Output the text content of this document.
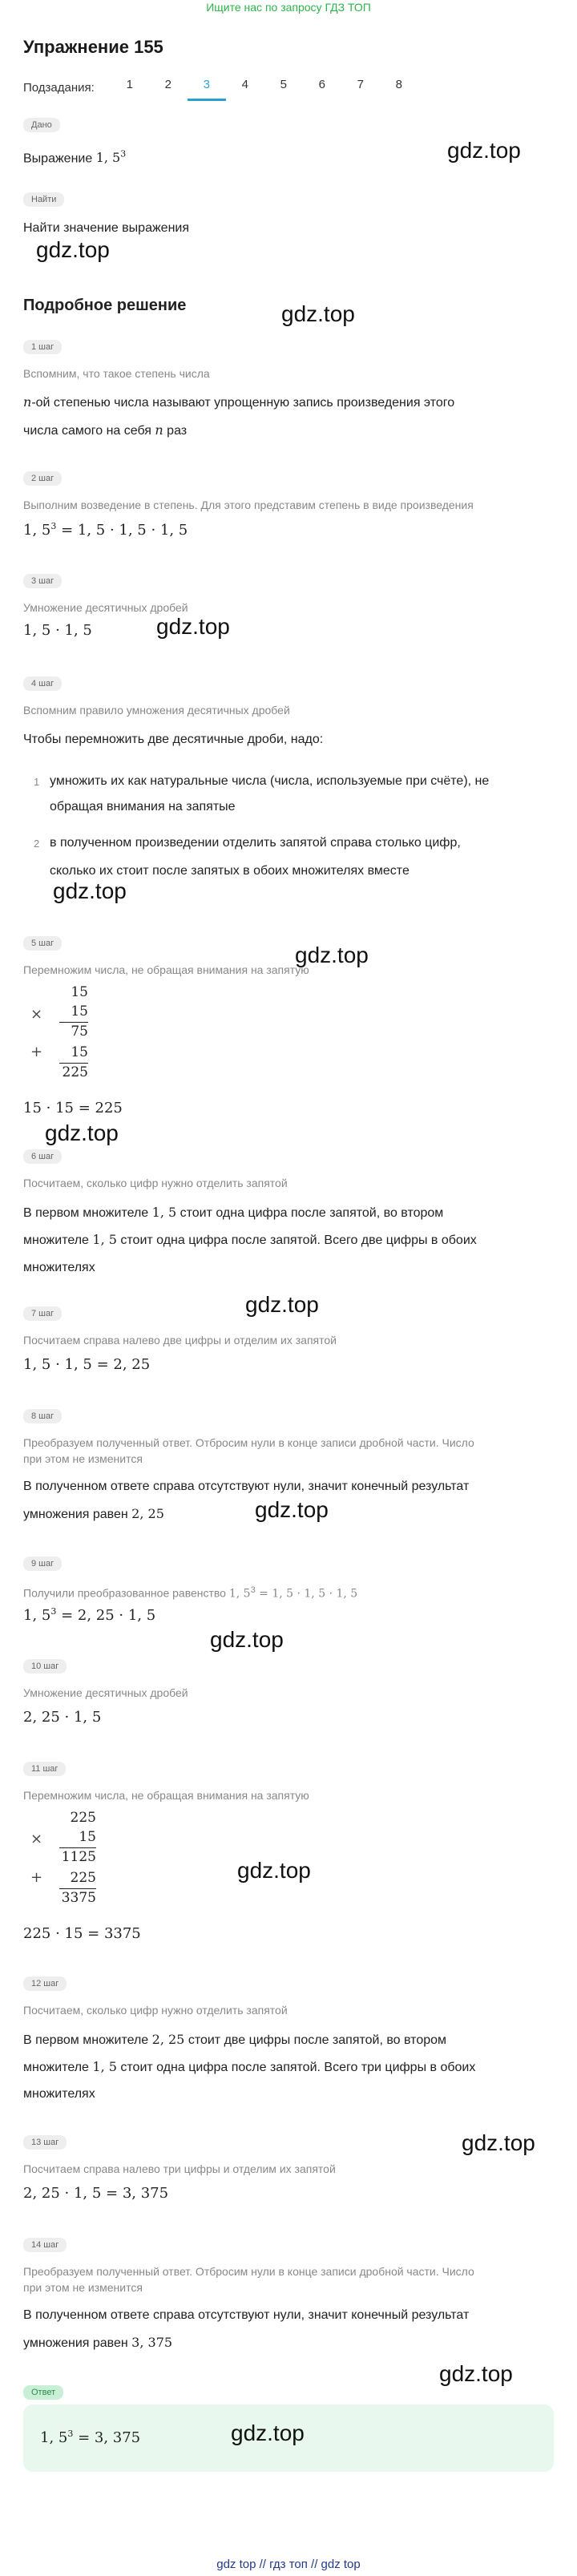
Ищите нас по запросу ГДЗ ТОП
Упражнение 155
Подзадания:	1	2	3	4	5	6	7	8
Дано
Выражение 1, $5^3$	gdz.top
Найти
Найти значение выражения
gdz.top
Подробное решение	gdz.top
1 шаг
Вспомним, что такое степень числа
n-ой степенью числа называют упрощенную запись произведения этого
числа самого на себя n раз
2 шаг
Выполним возведение в степень. Для этого представим степень в виде произведения
1, $5^3 = 1$, 5 · 1, 5 · 1, 5
3 шаг
Умножение десятичных дробей
1, 5 · 1, 5	gdz.top
4 шаг
Вспомним правило умножения десятичных дробей
Чтобы перемножить две десятичные дроби, надо:
1 умножить их как натуральные числа (числа, используемые при счёте), не
обращая внимания на запятые
2 в полученном произведении отделить запятой справа столько цифр,
сколько их стоит после запятых в обоих множителях вместе
gdz.top
5 шаг
Перемножим числа, не обращая внимания на запятую
gdz.top
×
15
15
75
+	15
225
15 · 15 = 225
gdz.top
6 шаг
Посчитаем, сколько цифр нужно отделить запятой
В первом множителе 1, 5 стоит одна цифра после запятой, во втором
множителе 1, 5 стоит одна цифра после запятой. Всего две цифры в обоих
множителях
7 шаг	gdz.top
Посчитаем справа налево две цифры и отделим их запятой
1, 5 · 1, 5 = 2, 25
8 шаг
Преобразуем полученный ответ. Отбросим нули в конце записи дробной части. Число
при этом не изменится
В полученном ответе справа отсутствуют нули, значит конечный результат
умножения равен 2, 25	gdz.top
9 шаг
Получили преобразованное равенство 1, $5^3 = 1$, 5 · 1, 5 · 1, 5
1, $5^3 = 2$, 25 · 1, 5
gdz.top
10 шаг
Умножение десятичных дробей
2, 25 · 1, 5
11 шаг
Перемножим числа, не обращая внимания на запятую
×
225
15
1125
+	225
3375
gdz.top
225 · 15 = 3375
12 шаг
Посчитаем, сколько цифр нужно отделить запятой
В первом множителе 2, 25 стоит две цифры после запятой, во втором
множителе 1, 5 стоит одна цифра после запятой. Всего три цифры в обоих
множителях
13 шаг	gdz.top
Посчитаем справа налево три цифры и отделим их запятой
2, 25 · 1, 5 = 3, 375
14 шаг
Преобразуем полученный ответ. Отбросим нули в конце записи дробной части. Число
при этом не изменится
В полученном ответе справа отсутствуют нули, значит конечный результат
умножения равен 3, 375
Ответ
gdz.top
1, $5^3 = 3$, 375	gdz.top
gdz top // гдз топ // gdz top
